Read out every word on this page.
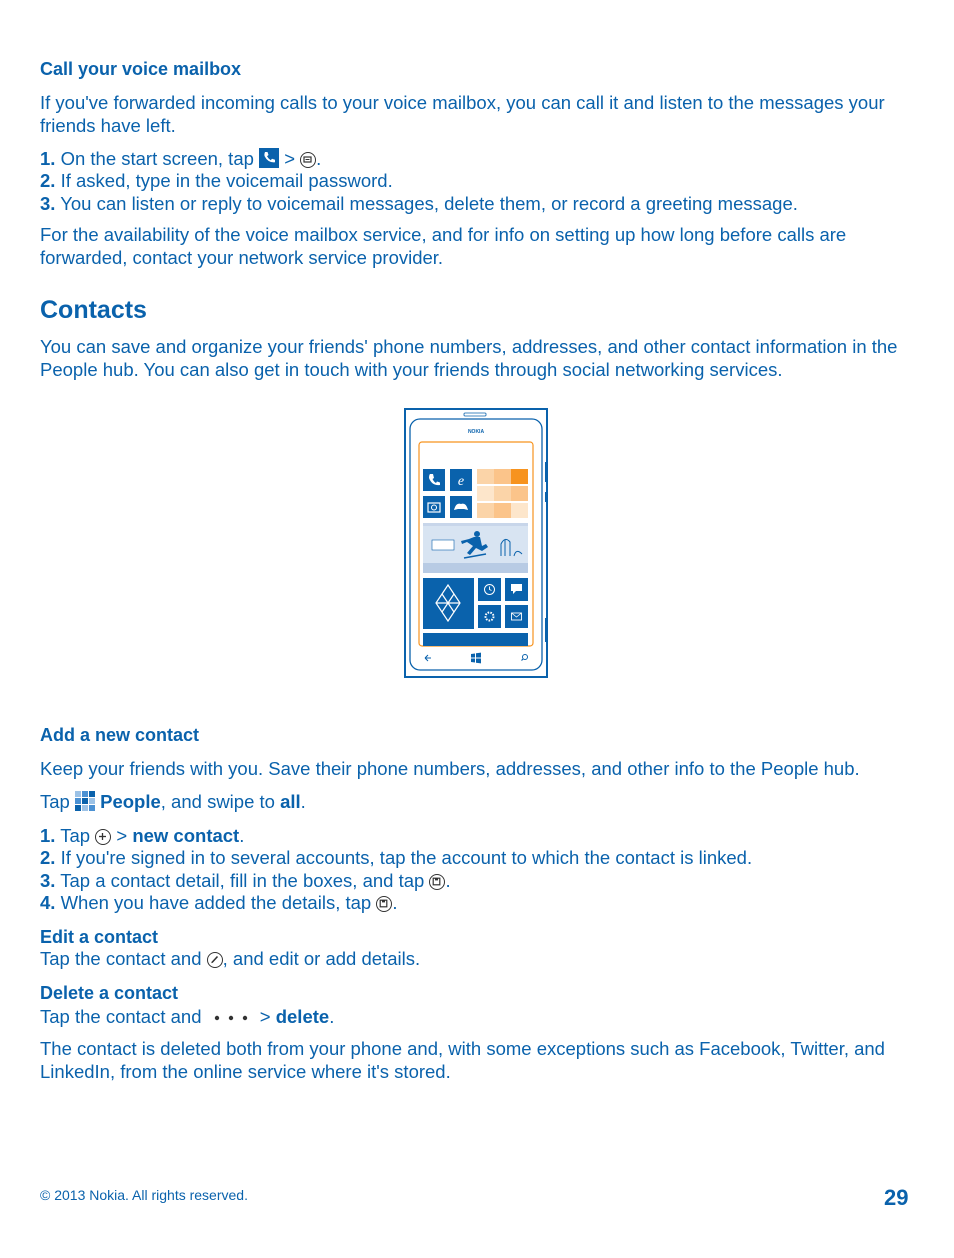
Call your voice mailbox
If you've forwarded incoming calls to your voice mailbox, you can call it and listen to the messages your friends have left.
1. On the start screen, tap > .
2. If asked, type in the voicemail password.
3. You can listen or reply to voicemail messages, delete them, or record a greeting message.
For the availability of the voice mailbox service, and for info on setting up how long before calls are forwarded, contact your network service provider.
Contacts
You can save and organize your friends' phone numbers, addresses, and other contact information in the People hub. You can also get in touch with your friends through social networking services.
NOKIA
e
Add a new contact
Keep your friends with you. Save their phone numbers, addresses, and other info to the People hub.
Tap People, and swipe to all.
1. Tap > new contact.
2. If you're signed in to several accounts, tap the account to which the contact is linked.
3. Tap a contact detail, fill in the boxes, and tap .
4. When you have added the details, tap .
Edit a contact
Tap the contact and , and edit or add details.
Delete a contact
Tap the contact and	> delete.
The contact is deleted both from your phone and, with some exceptions such as Facebook, Twitter, and LinkedIn, from the online service where it's stored.
© 2013 Nokia. All rights reserved.	29
